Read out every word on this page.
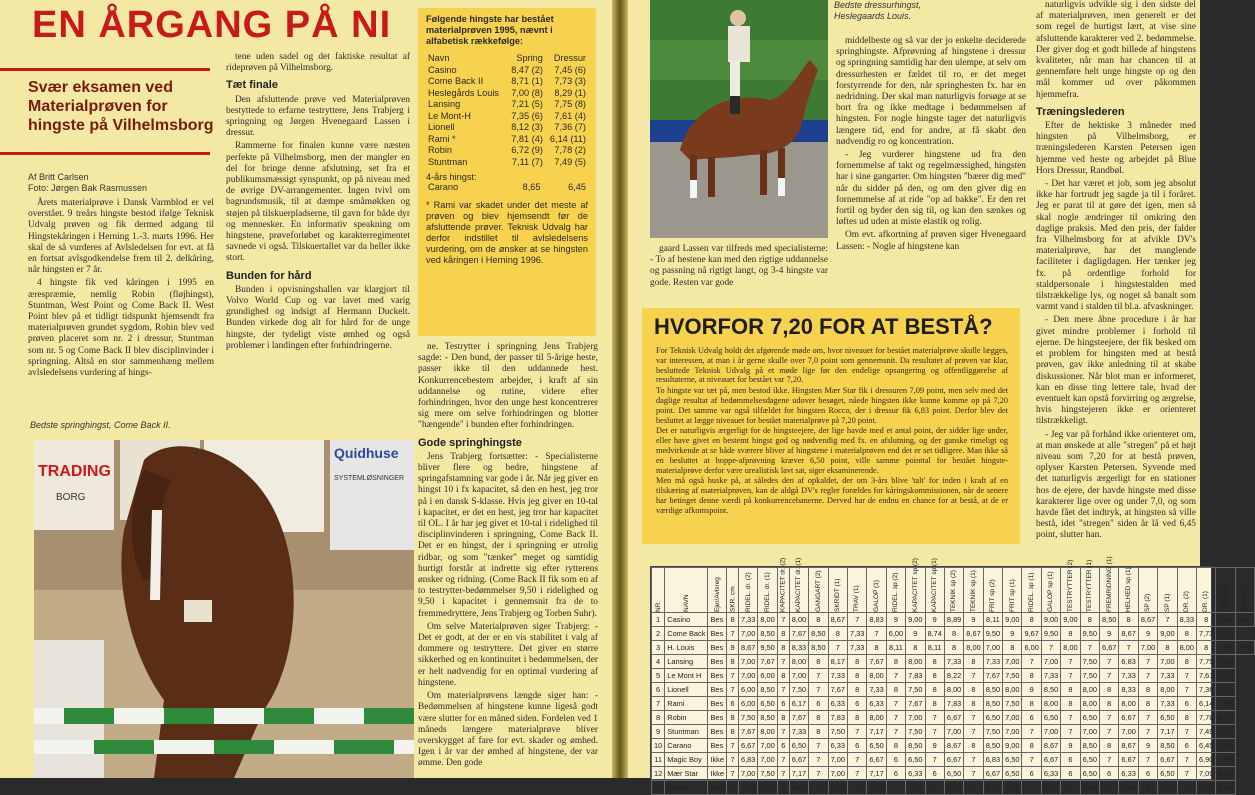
EN ÅRGANG PÅ NI
Svær eksamen ved Materialprøven for hingste på Vilhelmsborg
Af Britt Carlsen
Foto: Jørgen Bak Rasmussen

Årets materialprøve i Dansk Varmblod er vel overstået. 9 treårs hingste bestod ifølge Teknisk Udvalg prøven og fik dermed adgang til Hingstekåringen i Herning 1.-3. marts 1996. Her skal de så vurderes af Avlsledelsen for evt. at få en fortsat avlsgodkendelse frem til 2. delkåring, når hingsten er 7 år.

4 hingste fik ved kåringen i 1995 en ærespræmie, nemlig Robin (fløjhingst), Stuntman, West Point og Come Back II. West Point blev på et tidligt tidspunkt hjemsendt fra materialprøven grundet sygdom, Robin blev ved prøven placeret som nr. 2 i dressur, Stuntman som nr. 5 og Come Back II blev disciplinvinder i springning. Altså en stor sammenhæng mellem avlsledelsens vurdering af hings-

tene uden sadel og det faktiske resultat af rideprøven på Vilhelmsborg.

Tæt finale

Den afsluttende prøve ved Materialprøven bestyttede to erfarne testryttere, Jens Trabjerg i springning og Jørgen Hvenegaard Lassen i dressur.

Rammerne for finalen kunne være næsten perfekte på Vilhelmsborg, men der mangler en del for bringe denne afslutning, set fra et publikumsmæssigt synspunkt, op på niveau med de øvrige DV-arrangementer. Ingen tvivl om bagrundsmusik, til at dæmpe småmøkken og støjen på tilskuerpladserne, til gavn for både dyr og mennesker. En informativ speakning om hingstene, prøveforløbet og karakterregimentet savnede vi også. Tilskuertallet var da heller ikke stort.

Bunden for hård

Bunden i opvisningshallen var klargjort til Volvo World Cup og var lavet med varig grundighed og indsigt af Hermann Duckelt. Bunden virkede dog alt for hård for de unge hingste, der tydeligt viste ømhed og også problemer i landingen efter forhindringerne.

Følgende hingste har bestået materialprøven 1995, nævnt i alfabetisk rækkefølge:
Navn	Spring	Dressur
Casino	8,47 (2)	7,45 (6)
Come Back II	8,71 (1)	7,73 (3)
Heslegårds Louis	7,00 (8)	8,29 (1)
Lansing	7,21 (5)	7,75 (8)
Le Mont-H	7,35 (6)	7,61 (4)
Lionell	8,12 (3)	7,36 (7)
Rami *	7,81 (4)	6,14 (11)
Robin	6,72 (9)	7,78 (2)
Stuntman	7,11 (7)	7,49 (5)
4-års hingst:
Carano	8,65	6,45
* Rami var skadet under det meste af prøven og blev hjemsendt før de afsluttende prøver. Teknisk Udvalg har derfor indstillet til avlsledelsens vurdering, om de ønsker at se hingsten ved kåringen i Herning 1996.

ne. Testrytter i springning Jens Trabjerg sagde: - Den bund, der passer til 5-årige heste, passer ikke til den uddannede hest. Konkurrencebestem arbejder, i kraft af sin uddannelse og rutine, videre efter forhindringen, hvor den unge hest koncentrerer sig mere om selve forhindringen og blotter "hængende" i bunden efter forhindringen.

Gode springhingste

Jens Trabjerg fortsætter: - Specialisterne bliver flere og bedre, hingstene af springafstamning var gode i år. Når jeg giver en hingst 10 i fx kapacitet, så den en hest, jeg tror på i en dansk S-klasse. Hvis jeg giver en 10-tal i kapacitet, er det en hest, jeg tror har kapacitet til OL. I år har jeg givet et 10-tal i ridelighed til disciplinvinderen i springning, Come Back II. Det er en hingst, der i springning er utrolig ridbar, og som "tænker" meget og samtidig hurtigt forstår at indrette sig efter rytterens ønsker og ridning. (Come Back II fik som en af to testrytter-bedømmelser 9,50 i ridelighed og 9,50 i kapacitet i gennemsnit fra de to fremmedryttere, Jens Trabjerg og Torben Suhr).

Om selve Materialprøven siger Trabjerg: - Det er godt, at der er en vis stabilitet i valg af dommere og testryttere. Det giver en større sikkerhed og en kontinuitet i bedømmelsen, der er helt nødvendig for en optimal vurdering af hingstene.

Om materialprøvens længde siger han: - Bedømmelsen af hingstene kunne ligeså godt være slutter for en måned siden. Fordelen ved 1 måneds længere materialprøve bliver overskygget af fare for evt. skader og ømhed. Igen i år var der ømhed af hingstene, der var ømme. Den gode

Bedste springhingst, Come Back II.
TRADING
BORG
Quidhuse
SYSTEMLØSNINGER
Bedste dressurhingst, Heslegaards Louis.

gaard Lassen var tilfreds med specialisterne: - To af hestene kan med den rigtige uddannelse og passning nå rigtigt langt, og 3-4 hingste var gode. Resten var gode

middelbeste og så var der jo enkelte deciderede springhingste. Afprøvning af hingstene i dressur og springning samtidig har den ulempe, at selv om dressurhesten er fældet til ro, er det meget forstyrrende for den, når springhesten fx. har en nedridning. Der skal man naturligvis forsøge at se bort fra og ikke medtage i bedømmelsen af hingsten. For nogle hingste tager det naturligvis længere tid, end for andre, at få skabt den nødvendig ro og koncentration.

- Jeg vurderer hingstene ud fra den fornemmelse af takt og regelmæssighed, hingsten har i sine gangarter. Om hingsten "bærer dig med" når du sidder på den, og om den giver dig en fornemmelse af at ride "op ad bakke". Er den ret fortil og byder den sig til, og kan den sænkes og løftes ud uden at miste elastik og rolig.

Om evt. afkortning af prøven siger Hvenegaard Lassen: - Nogle af hingstene kan

naturligvis udvikle sig i den sidste del af materialprøven, men generelt er det som regel de hurtigst lært, at vise sine afsluttende karakterer ved 2. bedømmelse. Der giver dog et godt billede af hingstens kvaliteter, når man har chancen til at gennemføre helt unge hingste op og den mål kommer ud over påkommen hjemmefra.

Træningslederen

Efter de hektiske 3 måneder med hingsten på Vilhelmsborg, er træningslederen Karsten Petersen igen hjemme ved heste og arbejdet på Blue Hors Dressur, Randbøl.

- Det har været et job, som jeg absolut ikke har fortrudt jeg sagde ja til i foråret. Jeg er parat til at gøre det igen, men så skal nogle ændringer til omkring den daglige praksis. Med den pris, der falder fra Vilhelmsborg for at afvikle DV's materialprøve, har det manglende faciliteter i dagligdagen. Her tænker jeg fx. på ordentlige forhold for staldpersonale i hingstestalden med tilstrækkelige lys, og noget så banalt som varmt vand i stalden til bl.a. afvaskninger.

- Den mere åbne procedure i år har givet mindre problemer i forhold til ejerne. De hingsteejere, der fik besked om et problem for hingsten med at bestå prøven, gav ikke anledning til at skabe diskussioner. Når blot man er informeret, kan en disse ting lettere tale, hvad der eventuelt kan opstå forvirring og ærgrelse, hvis hingstejeren ikke er orienteret tilstrækkeligt.

- Jeg var på forhånd ikke orienteret om, at man ønskede at alle "stregen" på et højt niveau som 7,20 for at bestå prøven, oplyser Karsten Petersen. Syvende med det naturligvis ærgerligt for en stationer hos de ejere, der havde hingste med disse karakterer lige over og under 7,0, og som havde fået det indtryk, at hingsten så ville bestå, idet "stregen" siden år lå ved 6,45 point, slutter han.

HVORFOR 7,20 FOR AT BESTÅ?

For Teknisk Udvalg holdt det afgørende møde om, hvor niveauet for bestået materialprøve skulle lægges, var interessen, at man i år gerne skulle over 7,0 point som gennemsnit. Da resultatet af prøven var klar, besluttede Teknisk Udvalg på et møde lige før den endelige opsangering og offentliggørelse af resultaterne, at niveauet for bestået var 7,20.

To hingste var tæt på, men bestod ikke. Hingsten Mær Star fik i dressuren 7,09 point, men selv med det daglige resultat af bedømmelsesdagene udover besøget, nåede hingsten ikke kunne komme op på 7,20 point. Det samme var også tilfældet for hingsten Rocco, der i dressur fik 6,83 point. Derfor blev det besluttet at lægge niveauet for bestået materialprøve på 7,20 point.

Det er naturligvis ærgerligt for de hingsteejere, der lige havde med et antal point, der sidder lige under, eller have givet en bestemt hingst god og nødvendig med fx. en afslutning, og der ganske rimeligt og medvirkende at se både sværere bliver af hingstene i materialprøven end det er set tidligere. Man ikke så en besluttet at hoppe-afprøvning kræver 6,50 point, ville samme pointtal for bestået hingste-materialprøve derfor være urealistisk lavt sat, siger eksaminerende.

Men må også huske på, at således den af opkaldet, der om 3-års blive 'talt' for inden i kraft af en tilskæring af materialprøven, kan de aldgå DV's regler forældes for kåringskommissionen, når de senere har betinget denne værdi på konkurrencebanerne. Derved har de endnu en chance for at bestå, at de er værdige afkomspoint.

NR.	NAVN	Ejer/Avlsreg	SKR. cm	RIDEL. dr. (2)	RIDEL. dr. (1)	KAPACITET dr. (2)	KAPACITET dr. (1)	GANGART (2)	SKRIDT (1)	TRAV (1)	GALOP (1)	RIDEL. sp (2)	KAPACITET sp (2)	KAPACITET sp (1)	TEKNIK sp (2)	TEKNIK sp (1)	FRIT sp (2)	FRIT sp (1)	RIDEL. sp (1)	GALOP sp (1)	TESTRYTTER (2)	TESTRYTTER (1)	FREMRIDNING (1)	HELHED sp (1)	SP (2)	SP (1)	DR. (2)	DR. (1)	DRESSUR	SPRING
1	Casino	Bes	8	7,33	8,00	7	8,00	8	8,67	7	8,83	9	9,00	9	8,89	9	8,11	9,00	8	9,00	9,00	8	8,50	8	8,67	7	8,33	8	7,45	8,47
2	Come Back	Bes	7	7,00	8,50	8	7,67	8,50	8	7,33	7	6,00	9	8,74	8	8,67	9,50	9	9,67	9,50	8	9,50	9	8,67	9	9,00	8	7,73	8,71	
3	H. Louis	Bes	9	8,67	9,50	8	8,33	8,50	7	7,33	8	8,11	8	8,11	8	8,00	7,00	8	6,00	7	8,00	7	6,67	7	7,00	8	8,00	8	8,29	7,00
4	Lansing	Bes	8	7,00	7,67	7	8,00	8	8,17	8	7,67	8	8,00	8	7,33	8	7,33	7,00	7	7,00	7	7,50	7	6,83	7	7,00	8	7,75	7,21	
5	Le Mont H	Bes	7	7,00	6,00	8	7,00	7	7,33	8	8,00	7	7,83	8	8,22	7	7,67	7,50	8	7,33	7	7,50	7	7,33	7	7,33	7	7,61	7,35	
6	Lionell	Bes	7	6,00	8,50	7	7,50	7	7,67	8	7,33	8	7,50	8	8,00	8	8,50	8,00	9	8,50	8	8,00	8	8,33	8	8,00	7	7,36	8,12	
7	Rami	Bes	6	6,00	6,50	6	6,17	6	6,33	6	6,33	7	7,67	8	7,83	8	8,50	7,50	8	8,00	8	8,00	8	8,00	8	7,33	6	6,14	7,81	
8	Robin	Bes	8	7,50	8,50	8	7,67	8	7,83	8	8,00	7	7,00	7	6,67	7	6,50	7,00	6	6,50	7	6,50	7	6,67	7	6,50	8	7,78	6,72	
9	Stuntman	Bes	8	7,67	8,00	7	7,33	8	7,50	7	7,17	7	7,50	7	7,00	7	7,50	7,00	7	7,00	7	7,00	7	7,00	7	7,17	7	7,49	7,11	
10	Carano	Bes	7	6,67	7,00	6	6,50	7	6,33	6	6,50	8	8,50	9	8,67	8	8,50	9,00	8	8,67	9	8,50	8	8,67	9	8,50	6	6,45	8,65	
11	Magic Boy	Ikke	7	6,83	7,00	7	6,67	7	7,00	7	6,67	6	6,50	7	6,67	7	6,83	6,50	7	6,67	6	6,50	7	6,67	7	6,67	7	6,90	6,67	
12	Mær Star	Ikke	7	7,00	7,50	7	7,17	7	7,00	7	7,17	6	6,33	6	6,50	7	6,67	6,50	6	6,33	6	6,50	6	6,33	6	6,50	7	7,09	6,50	
13	Rocco	Ikke	7	6,83	7,00	7	6,67	7	6,83	7	6,83	7	7,00	7	6,83	7	6,67	7,00	7	6,83	7	6,83	7	7,00	7	6,83	7	6,83	6,90	
